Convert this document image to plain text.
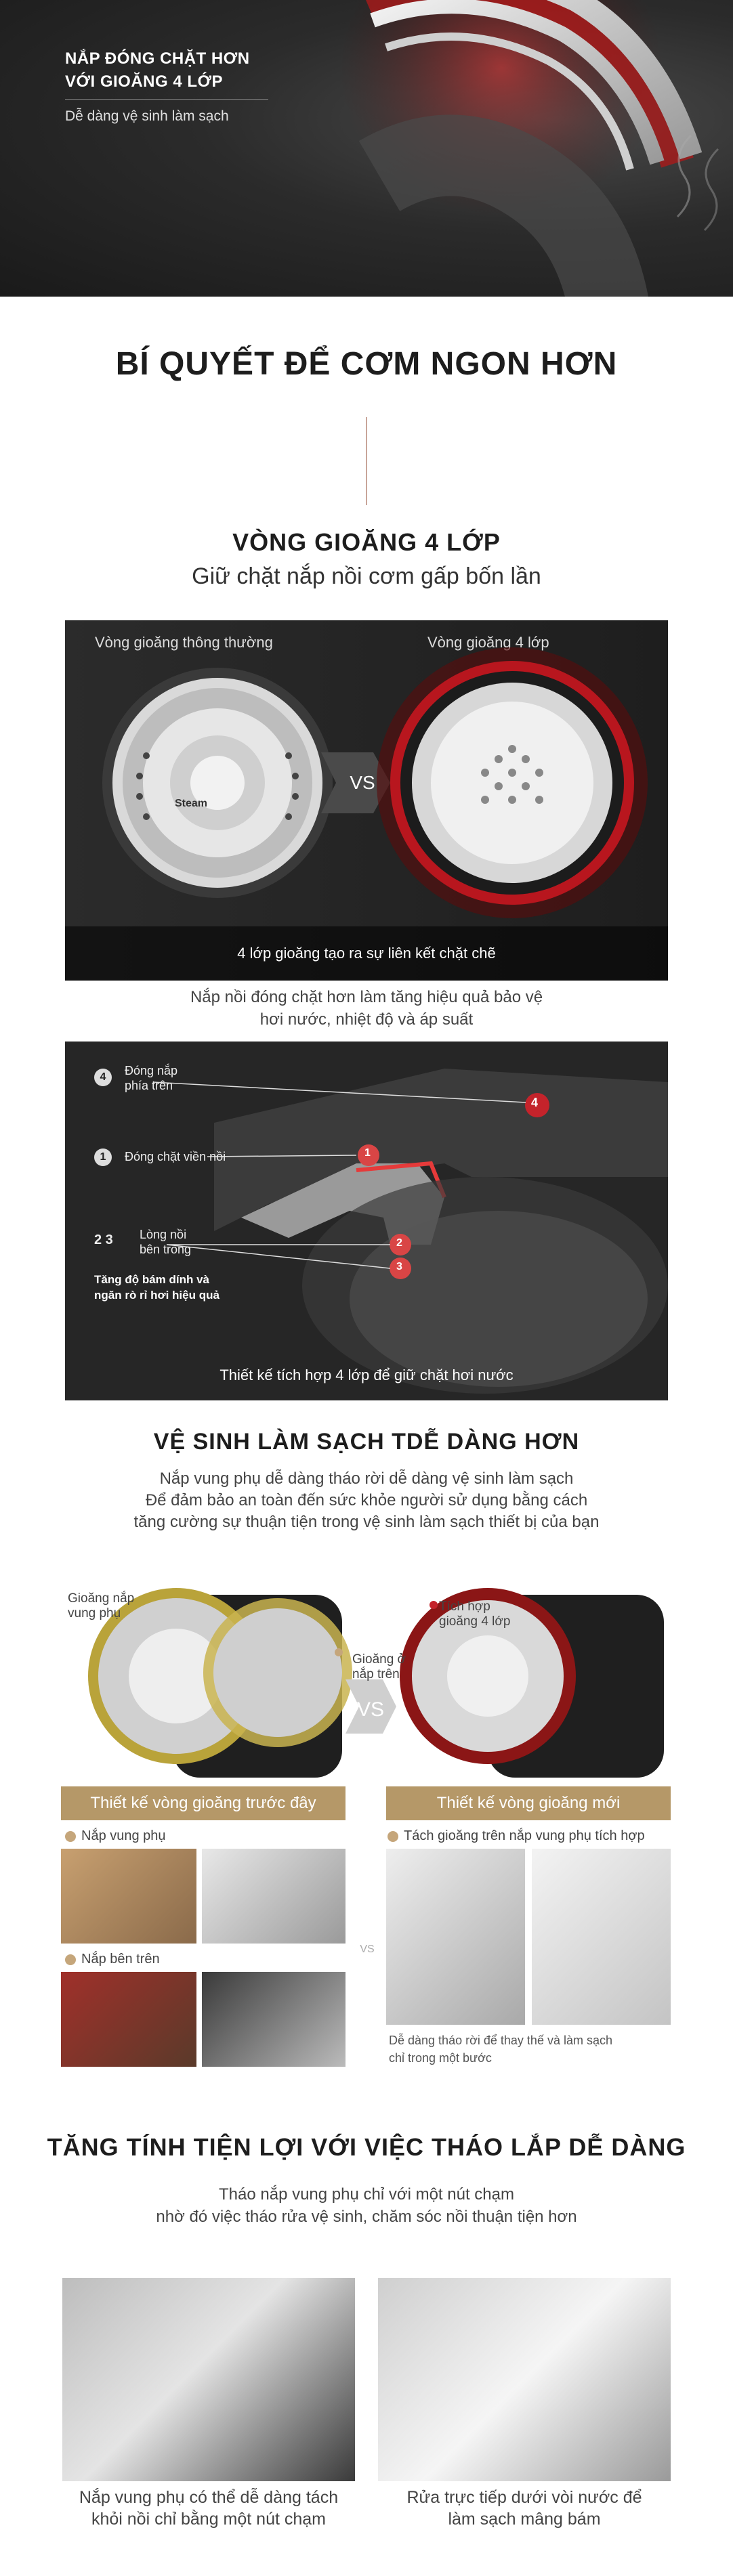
NẮP ĐÓNG CHẶT HƠN
VỚI GIOĂNG 4 LỚP
Dễ dàng vệ sinh làm sạch
BÍ QUYẾT ĐỂ CƠM NGON HƠN
VÒNG GIOĂNG 4 LỚP
Giữ chặt nắp nồi cơm gấp bốn lần
Vòng gioăng thông thường	Vòng gioăng 4 lớp
Steam
VS
4 lớp gioăng tạo ra sự liên kết chặt chẽ
Nắp nồi đóng chặt hơn làm tăng hiệu quả bảo vệ
hơi nước, nhiệt độ và áp suất
4	Đóng nắp
phía trên
1	Đóng chặt viền nồi
2 3 Lòng nồi
bên trong
Tăng độ bám dính và
ngăn rò rỉ hơi hiệu quả
4
1
2
3
Thiết kế tích hợp 4 lớp để giữ chặt hơi nước
VỆ SINH LÀM SẠCH TDỄ DÀNG HƠN
Nắp vung phụ dễ dàng tháo rời dễ dàng vệ sinh làm sạch
Để đảm bảo an toàn đến sức khỏe người sử dụng bằng cách
tăng cường sự thuận tiện trong vệ sinh làm sạch thiết bị của bạn
Gioăng nắp
vung phụ
Gioăng ở
nắp trên
Tích hợp
gioăng 4 lớp
VS
Thiết kế vòng gioăng trước đây	Thiết kế vòng gioăng mới
Nắp vung phụ
Nắp bên trên
VS
Tách gioăng trên nắp vung phụ tích hợp
Dễ dàng tháo rời để thay thế và làm sạch
chỉ trong một bước
TĂNG TÍNH TIỆN LỢI VỚI VIỆC THÁO LẮP DỄ DÀNG
Tháo nắp vung phụ chỉ với một nút chạm
nhờ đó việc tháo rửa vệ sinh, chăm sóc nồi thuận tiện hơn
Nắp vung phụ có thể dễ dàng tách
khỏi nồi chỉ bằng một nút chạm
Rửa trực tiếp dưới vòi nước để
làm sạch mâng bám
